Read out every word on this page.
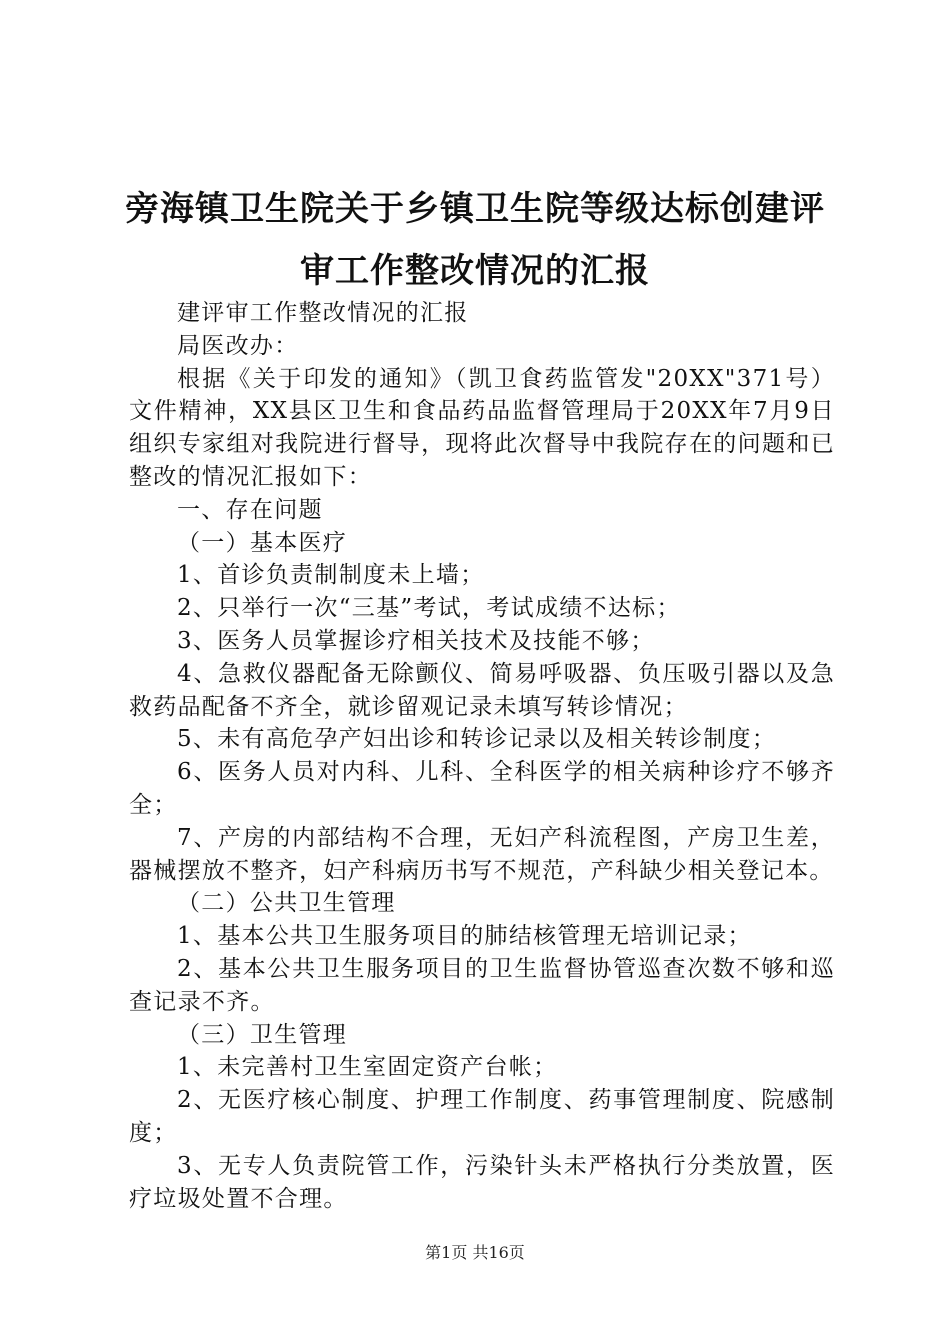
旁海镇卫生院关于乡镇卫生院等级达标创建评
审工作整改情况的汇报

建评审工作整改情况的汇报

局医改办：

根据《关于印发的通知》（凯卫食药监管发"20XX"371号）文件精神，XX县区卫生和食品药品监督管理局于20XX年7月9日组织专家组对我院进行督导，现将此次督导中我院存在的问题和已整改的情况汇报如下：

一、存在问题

（一）基本医疗

1、首诊负责制制度未上墙；

2、只举行一次“三基”考试，考试成绩不达标；

3、医务人员掌握诊疗相关技术及技能不够；

4、急救仪器配备无除颤仪、简易呼吸器、负压吸引器以及急救药品配备不齐全，就诊留观记录未填写转诊情况；

5、未有高危孕产妇出诊和转诊记录以及相关转诊制度；

6、医务人员对内科、儿科、全科医学的相关病种诊疗不够齐全；

7、产房的内部结构不合理，无妇产科流程图，产房卫生差，器械摆放不整齐，妇产科病历书写不规范，产科缺少相关登记本。

（二）公共卫生管理

1、基本公共卫生服务项目的肺结核管理无培训记录；

2、基本公共卫生服务项目的卫生监督协管巡查次数不够和巡查记录不齐。

（三）卫生管理

1、未完善村卫生室固定资产台帐；

2、无医疗核心制度、护理工作制度、药事管理制度、院感制度；

3、无专人负责院管工作，污染针头未严格执行分类放置，医疗垃圾处置不合理。

第1页 共16页
